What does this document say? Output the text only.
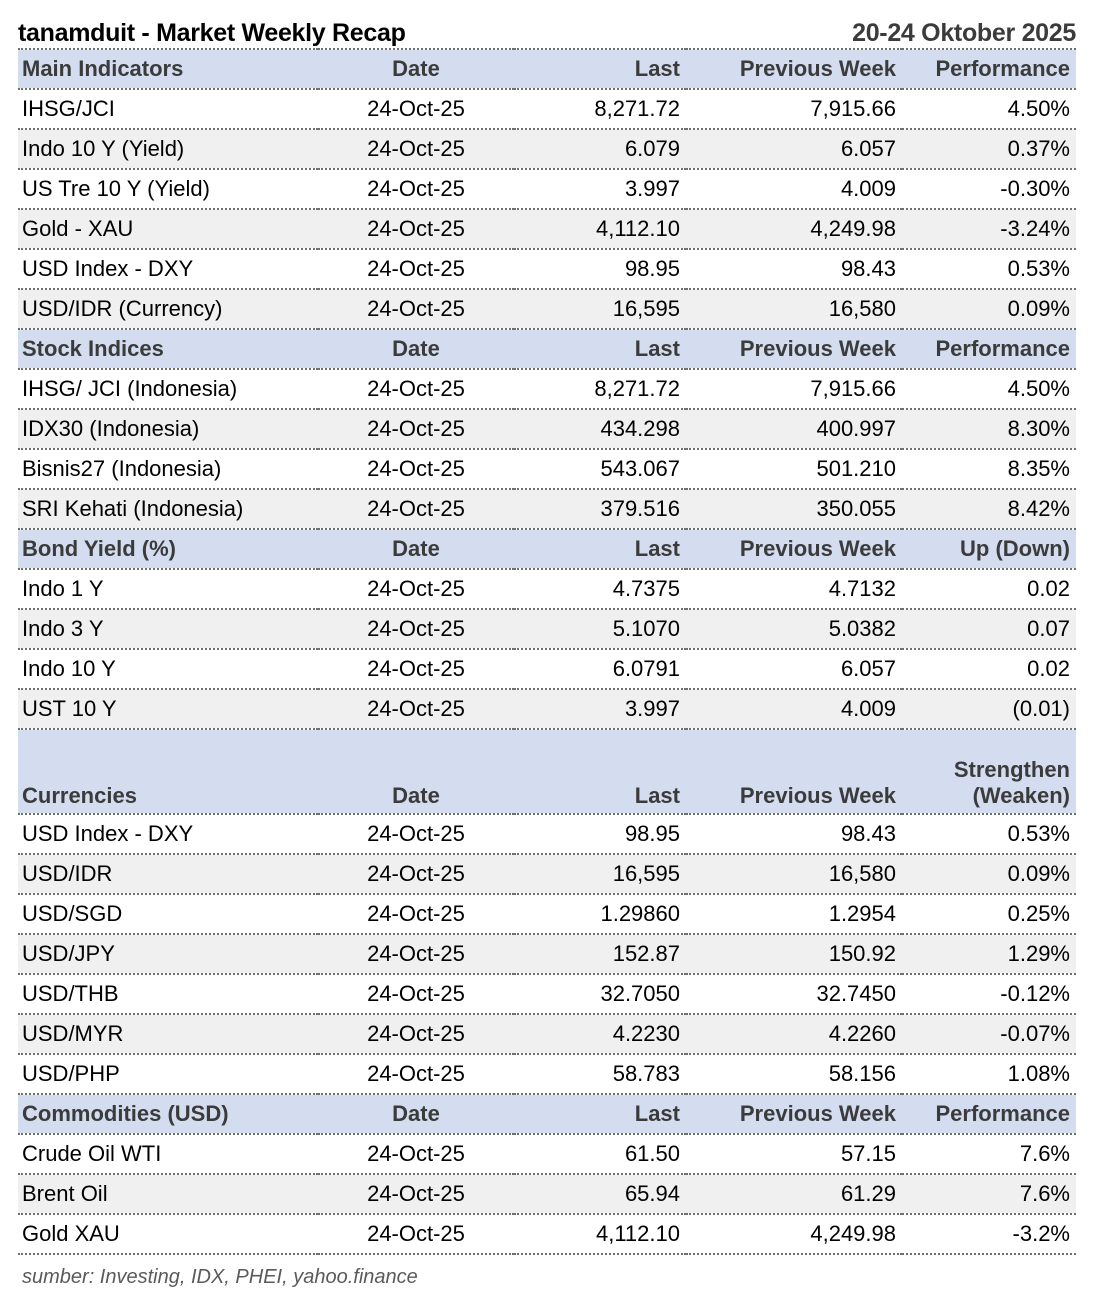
tanamduit - Market Weekly Recap	20-24 Oktober 2025
Main Indicators	Date	Last	Previous Week	Performance
IHSG/JCI	24-Oct-25	8,271.72	7,915.66	4.50%
Indo 10 Y (Yield)	24-Oct-25	6.079	6.057	0.37%
US Tre 10 Y (Yield)	24-Oct-25	3.997	4.009	-0.30%
Gold - XAU	24-Oct-25	4,112.10	4,249.98	-3.24%
USD Index - DXY	24-Oct-25	98.95	98.43	0.53%
USD/IDR (Currency)	24-Oct-25	16,595	16,580	0.09%
Stock Indices	Date	Last	Previous Week	Performance
IHSG/ JCI (Indonesia)	24-Oct-25	8,271.72	7,915.66	4.50%
IDX30 (Indonesia)	24-Oct-25	434.298	400.997	8.30%
Bisnis27 (Indonesia)	24-Oct-25	543.067	501.210	8.35%
SRI Kehati (Indonesia)	24-Oct-25	379.516	350.055	8.42%
Bond Yield (%)	Date	Last	Previous Week	Up (Down)
Indo 1 Y	24-Oct-25	4.7375	4.7132	0.02
Indo 3 Y	24-Oct-25	5.1070	5.0382	0.07
Indo 10 Y	24-Oct-25	6.0791	6.057	0.02
UST 10 Y	24-Oct-25	3.997	4.009	(0.01)
Currencies	Date	Last	Previous Week	Strengthen
(Weaken)

USD Index - DXY	24-Oct-25	98.95	98.43	0.53%
USD/IDR	24-Oct-25	16,595	16,580	0.09%
USD/SGD	24-Oct-25	1.29860	1.2954	0.25%
USD/JPY	24-Oct-25	152.87	150.92	1.29%
USD/THB	24-Oct-25	32.7050	32.7450	-0.12%
USD/MYR	24-Oct-25	4.2230	4.2260	-0.07%
USD/PHP	24-Oct-25	58.783	58.156	1.08%
Commodities (USD)	Date	Last	Previous Week	Performance
Crude Oil WTI	24-Oct-25	61.50	57.15	7.6%
Brent Oil	24-Oct-25	65.94	61.29	7.6%
Gold XAU	24-Oct-25	4,112.10	4,249.98	-3.2%
sumber: Investing, IDX, PHEI, yahoo.finance
